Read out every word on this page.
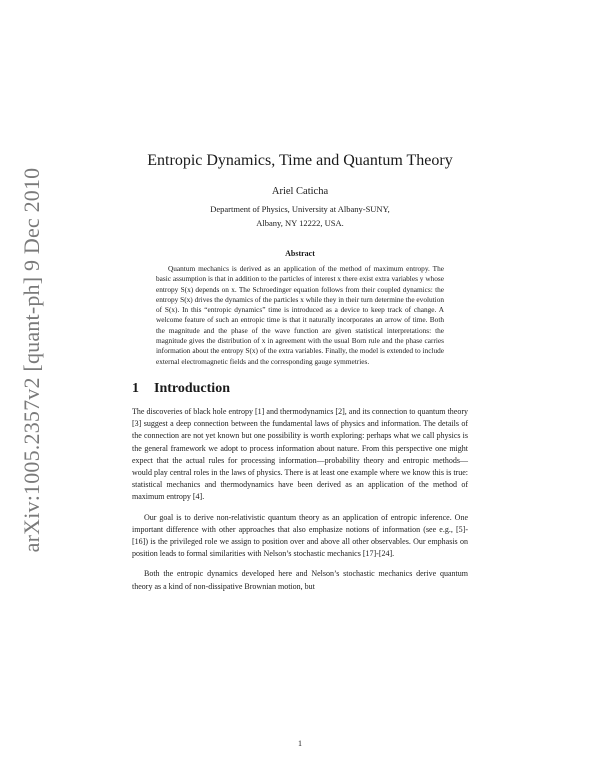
arXiv:1005.2357v2 [quant-ph] 9 Dec 2010
Entropic Dynamics, Time and Quantum Theory
Ariel Caticha
Department of Physics, University at Albany-SUNY,
Albany, NY 12222, USA.
Abstract
Quantum mechanics is derived as an application of the method of maximum entropy. The basic assumption is that in addition to the particles of interest x there exist extra variables y whose entropy S(x) depends on x. The Schroedinger equation follows from their coupled dynamics: the entropy S(x) drives the dynamics of the particles x while they in their turn determine the evolution of S(x). In this “entropic dynamics” time is introduced as a device to keep track of change. A welcome feature of such an entropic time is that it naturally incorporates an arrow of time. Both the magnitude and the phase of the wave function are given statistical interpretations: the magnitude gives the distribution of x in agreement with the usual Born rule and the phase carries information about the entropy S(x) of the extra variables. Finally, the model is extended to include external electromagnetic fields and the corresponding gauge symmetries.
1 Introduction

The discoveries of black hole entropy [1] and thermodynamics [2], and its connection to quantum theory [3] suggest a deep connection between the fundamental laws of physics and information. The details of the connection are not yet known but one possibility is worth exploring: perhaps what we call physics is the general framework we adopt to process information about nature. From this perspective one might expect that the actual rules for processing information—probability theory and entropic methods—would play central roles in the laws of physics. There is at least one example where we know this is true: statistical mechanics and thermodynamics have been derived as an application of the method of maximum entropy [4].

Our goal is to derive non-relativistic quantum theory as an application of entropic inference. One important difference with other approaches that also emphasize notions of information (see e.g., [5]-[16]) is the privileged role we assign to position over and above all other observables. Our emphasis on position leads to formal similarities with Nelson’s stochastic mechanics [17]-[24].

Both the entropic dynamics developed here and Nelson’s stochastic mechanics derive quantum theory as a kind of non-dissipative Brownian motion, but

1
